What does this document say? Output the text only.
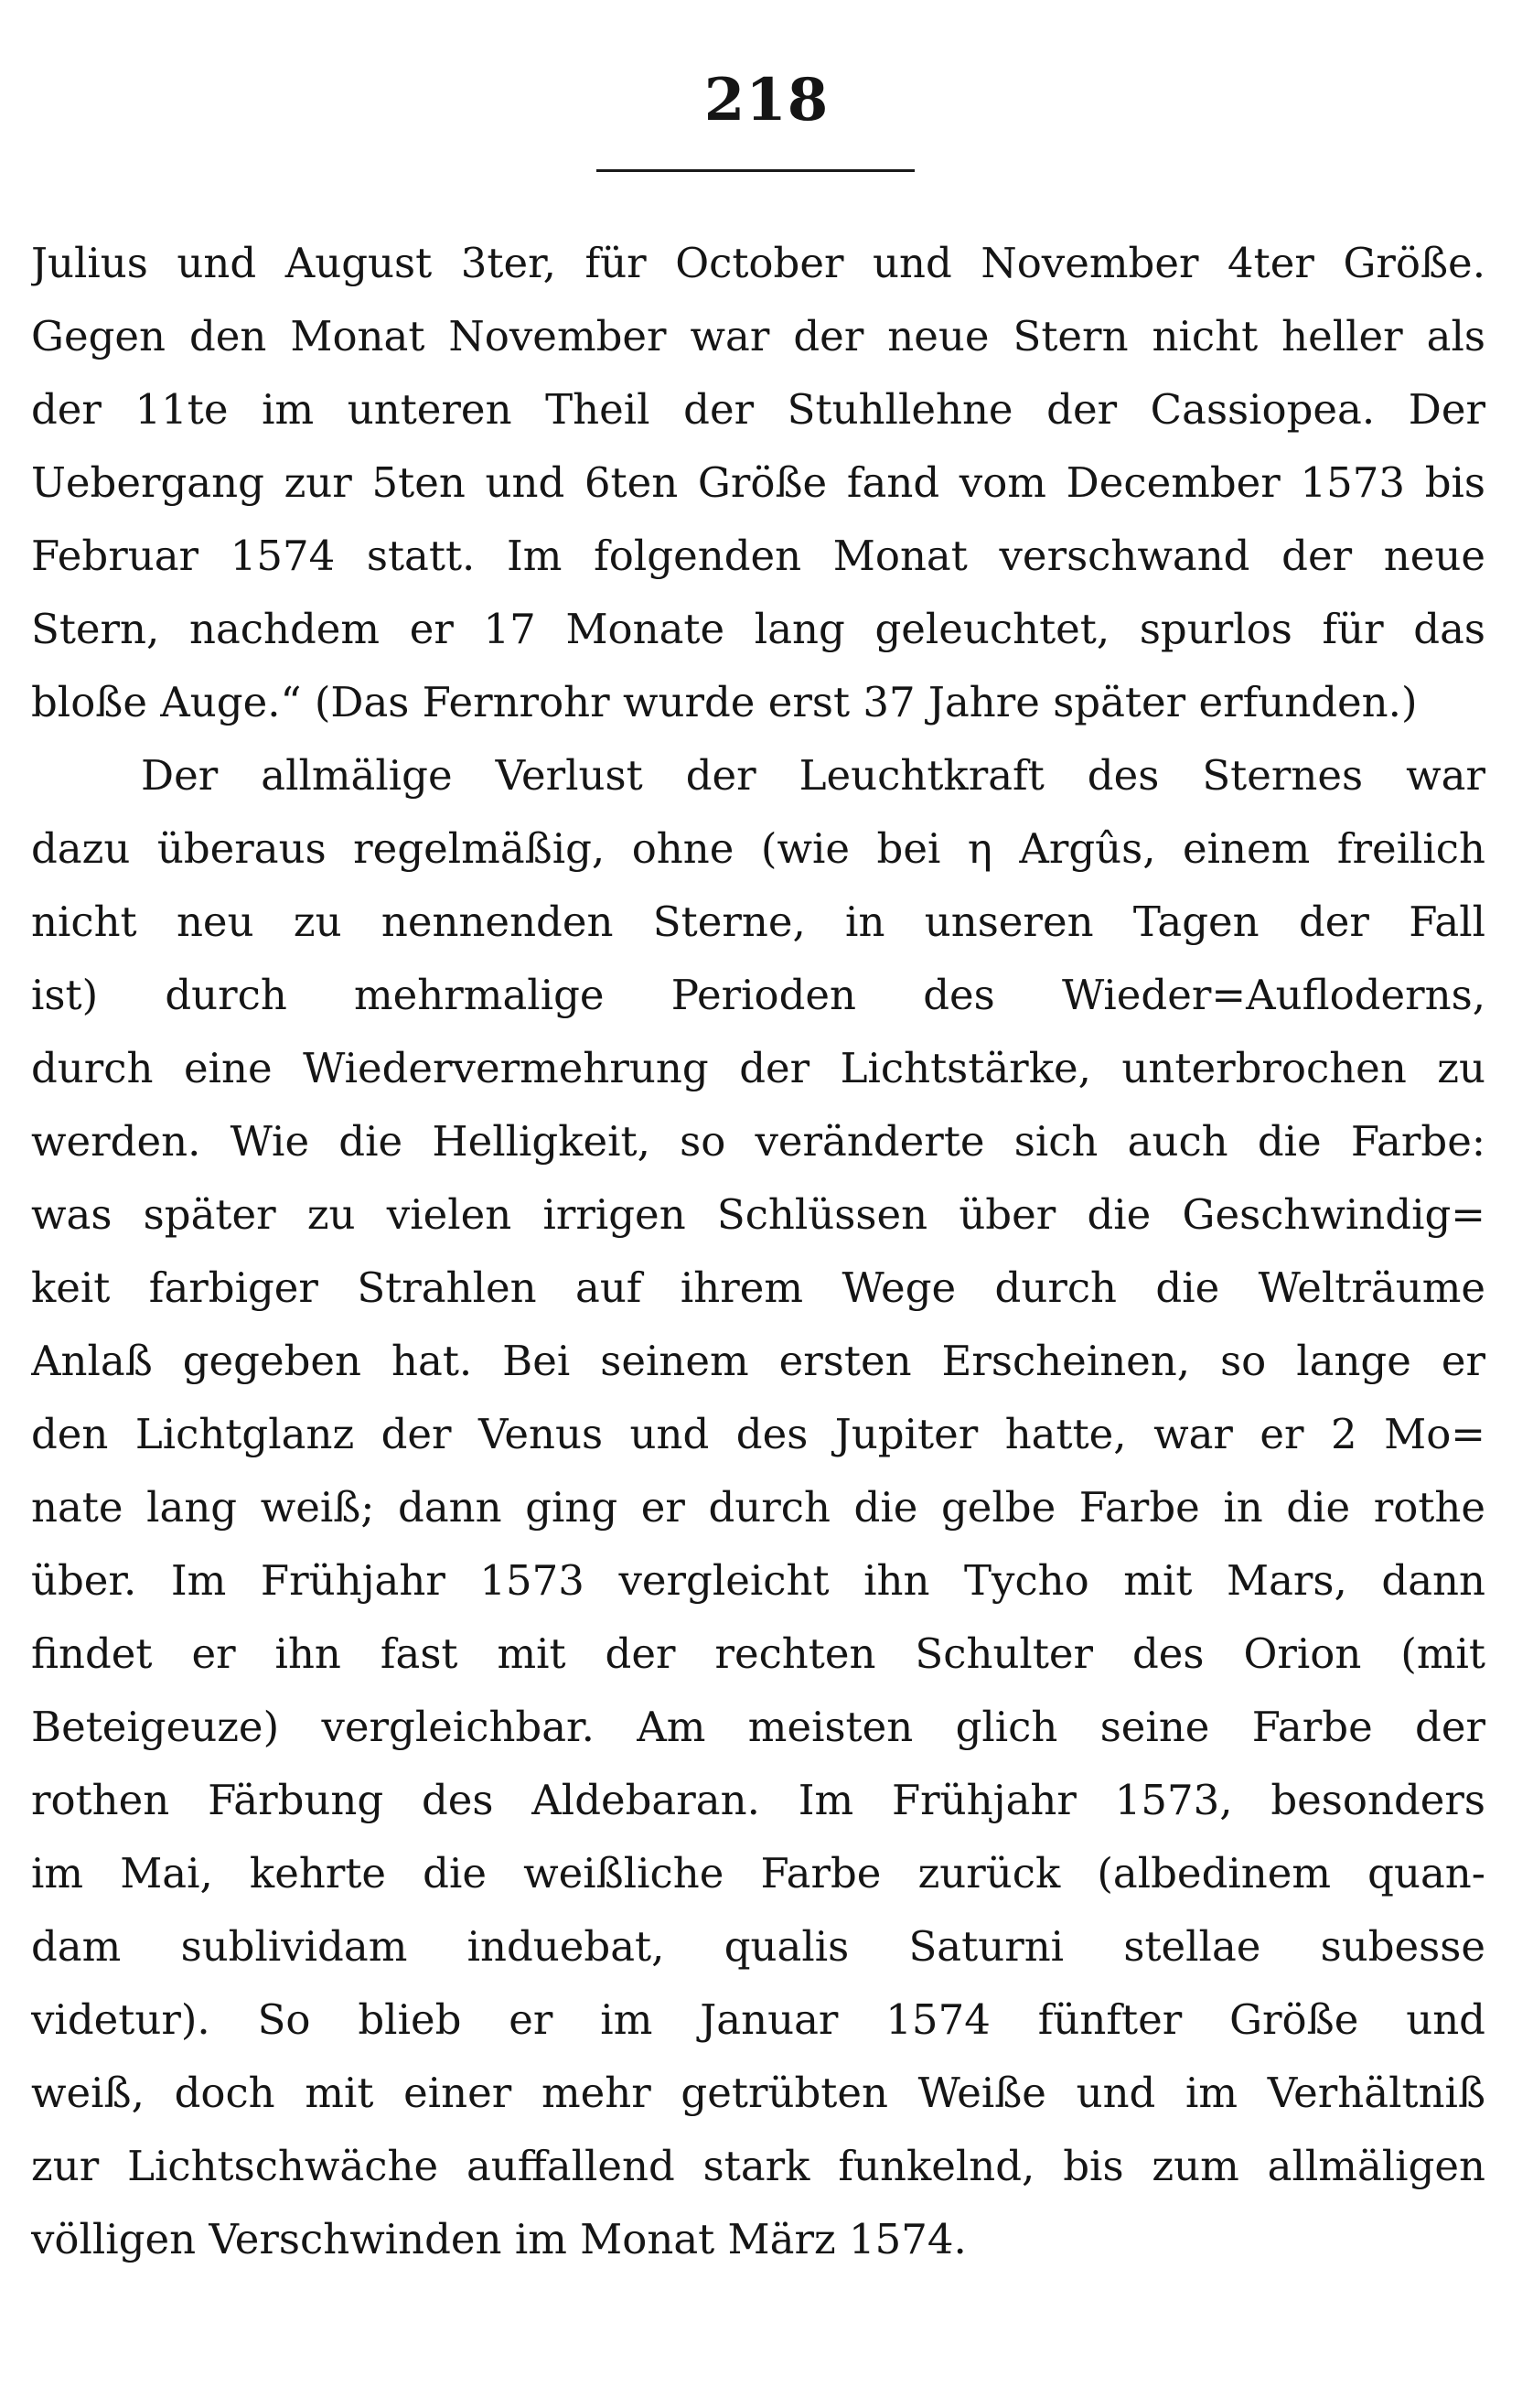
218
Julius und August 3ter, für October und November 4ter Größe.
Gegen den Monat November war der neue Stern nicht heller als
der 11te im unteren Theil der Stuhllehne der Cassiopea. Der
Uebergang zur 5ten und 6ten Größe fand vom December 1573 bis
Februar 1574 statt. Im folgenden Monat verschwand der neue
Stern, nachdem er 17 Monate lang geleuchtet, spurlos für das
bloße Auge.“ (Das Fernrohr wurde erst 37 Jahre später erfunden.)
Der allmälige Verlust der Leuchtkraft des Sternes war
dazu überaus regelmäßig, ohne (wie bei η Argûs, einem freilich
nicht neu zu nennenden Sterne, in unseren Tagen der Fall
ist) durch mehrmalige Perioden des Wieder=Aufloderns,
durch eine Wiedervermehrung der Lichtstärke, unterbrochen zu
werden. Wie die Helligkeit, so veränderte sich auch die Farbe:
was später zu vielen irrigen Schlüssen über die Geschwindig=
keit farbiger Strahlen auf ihrem Wege durch die Welträume
Anlaß gegeben hat. Bei seinem ersten Erscheinen, so lange er
den Lichtglanz der Venus und des Jupiter hatte, war er 2 Mo=
nate lang weiß; dann ging er durch die gelbe Farbe in die rothe
über. Im Frühjahr 1573 vergleicht ihn Tycho mit Mars, dann
findet er ihn fast mit der rechten Schulter des Orion (mit
Beteigeuze) vergleichbar. Am meisten glich seine Farbe der
rothen Färbung des Aldebaran. Im Frühjahr 1573, besonders
im Mai, kehrte die weißliche Farbe zurück (albedinem quan-
dam sublividam induebat, qualis Saturni stellae subesse
videtur). So blieb er im Januar 1574 fünfter Größe und
weiß, doch mit einer mehr getrübten Weiße und im Verhältniß
zur Lichtschwäche auffallend stark funkelnd, bis zum allmäligen
völligen Verschwinden im Monat März 1574.
